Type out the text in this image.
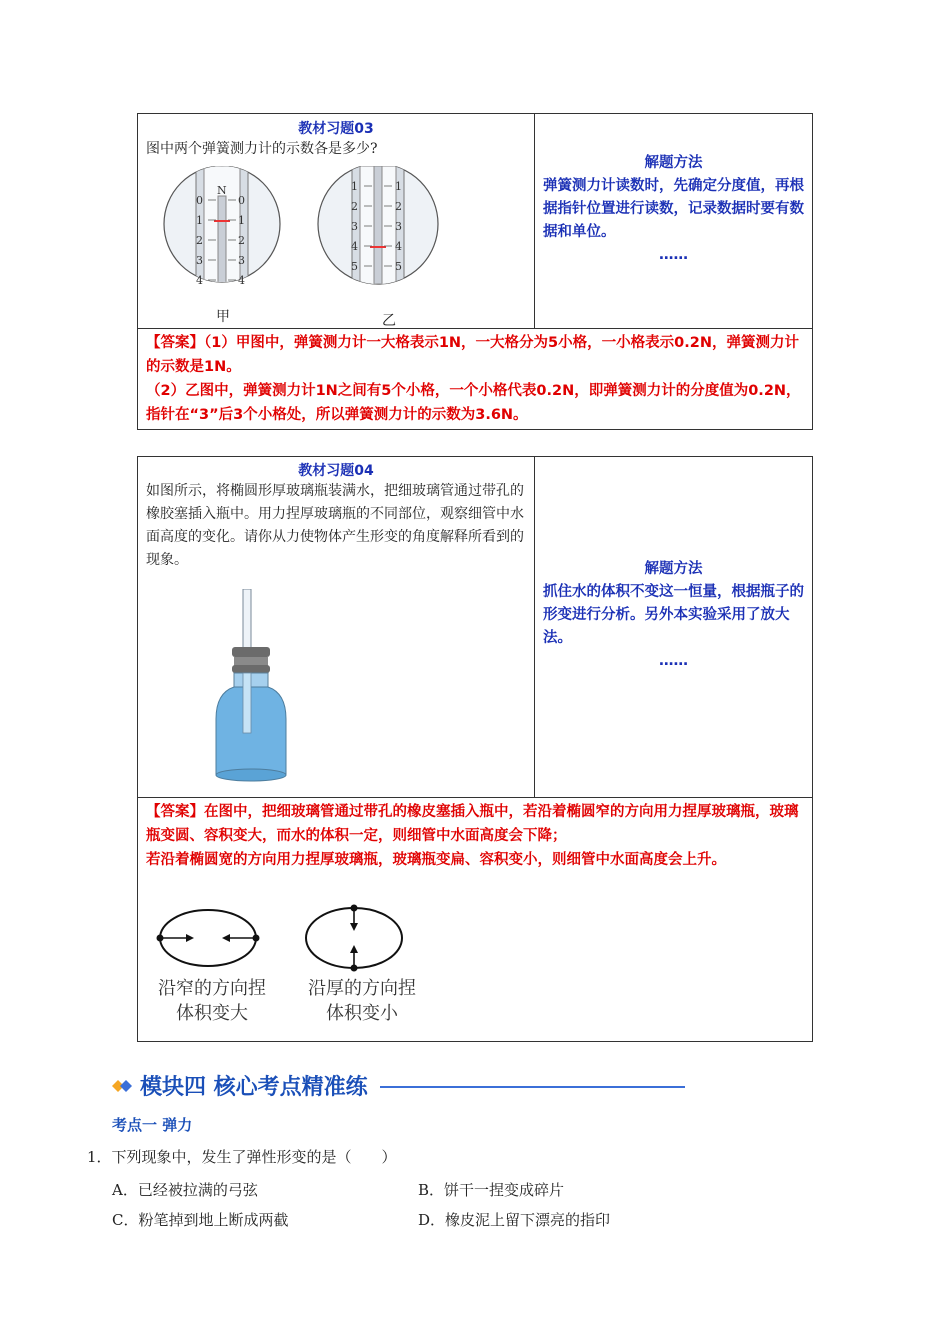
教材习题03
图中两个弹簧测力计的示数各是多少?
N
0	0
1	1
2	2
3	3
4	4
1	1
2	2
3	3
4	4
5	5
甲	乙
解题方法
弹簧测力计读数时，先确定分度值，再根据指针位置进行读数，记录数据时要有数据和单位。
……
【答案】（1）甲图中，弹簧测力计一大格表示1N，一大格分为5小格，一小格表示0.2N，弹簧测力计的示数是1N。
（2）乙图中，弹簧测力计1N之间有5个小格，一个小格代表0.2N，即弹簧测力计的分度值为0.2N，指针在“3”后3个小格处，所以弹簧测力计的示数为3.6N。
教材习题04
如图所示，将椭圆形厚玻璃瓶装满水，把细玻璃管通过带孔的橡胶塞插入瓶中。用力捏厚玻璃瓶的不同部位，观察细管中水面高度的变化。请你从力使物体产生形变的角度解释所看到的现象。
解题方法
抓住水的体积不变这一恒量，根据瓶子的形变进行分析。另外本实验采用了放大法。
……
【答案】在图中，把细玻璃管通过带孔的橡皮塞插入瓶中，若沿着椭圆窄的方向用力捏厚玻璃瓶，玻璃瓶变圆、容积变大，而水的体积一定，则细管中水面高度会下降；
若沿着椭圆宽的方向用力捏厚玻璃瓶，玻璃瓶变扁、容积变小，则细管中水面高度会上升。
沿窄的方向捏
体积变大
沿厚的方向捏
体积变小
模块四 核心考点精准练
考点一 弹力
1．下列现象中，发生了弹性形变的是（　　）
A．已经被拉满的弓弦	B．饼干一捏变成碎片
C．粉笔掉到地上断成两截	D．橡皮泥上留下漂亮的指印
